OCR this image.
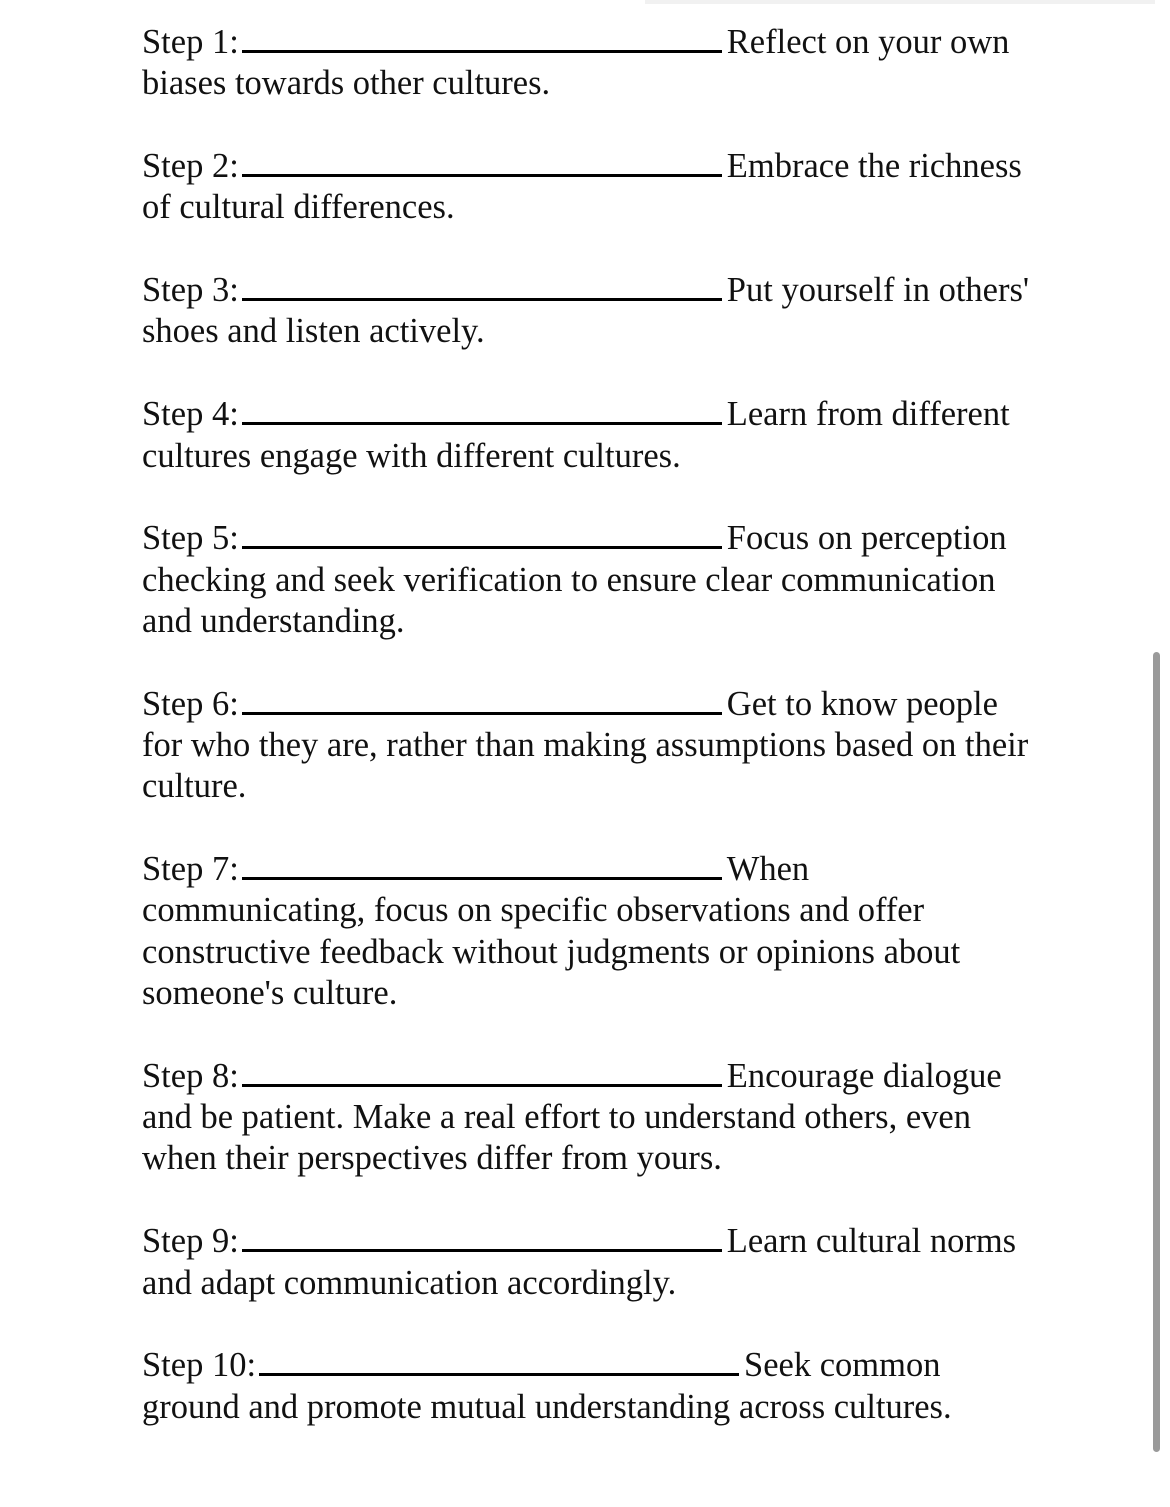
Step 1:	Reflect on your own biases towards other cultures.

Step 2:	Embrace the richness of cultural differences.

Step 3:	Put yourself in others' shoes and listen actively.

Step 4:	Learn from different cultures engage with different cultures.

Step 5:	Focus on perception checking and seek verification to ensure clear communication and understanding.

Step 6:	Get to know people for who they are, rather than making assumptions based on their culture.

Step 7:	When communicating, focus on specific observations and offer constructive feedback without judgments or opinions about someone's culture.

Step 8:	Encourage dialogue and be patient. Make a real effort to understand others, even when their perspectives differ from yours.

Step 9:	Learn cultural norms and adapt communication accordingly.

Step 10:	Seek common ground and promote mutual understanding across cultures.
